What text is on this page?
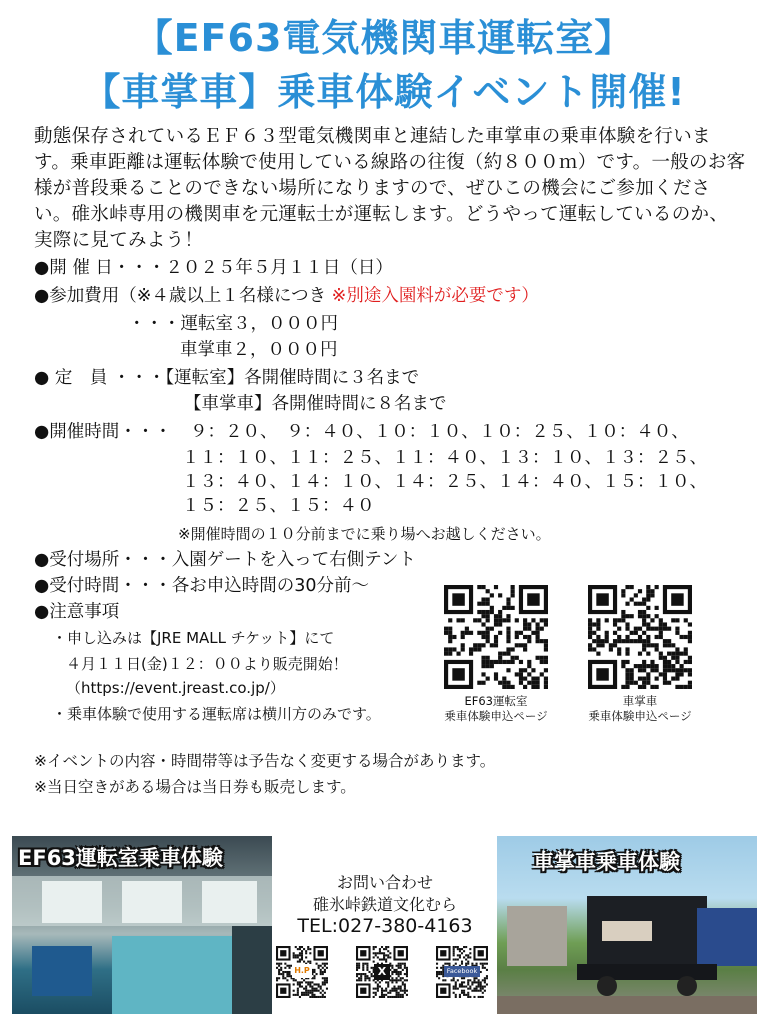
【EF63電気機関車運転室】
【車掌車】乗車体験イベント開催!
動態保存されているＥＦ６３型電気機関車と連結した車掌車の乗車体験を行います。乗車距離は運転体験で使用している線路の往復（約８００ｍ）です。一般のお客様が普段乗ることのできない場所になりますので、ぜひこの機会にご参加ください。碓氷峠専用の機関車を元運転士が運転します。どうやって運転しているのか、実際に見てみよう！
●開 催 日・・・２０２５年５月１１日（日）
●参加費用（※４歳以上１名様につき ※別途入園料が必要です）
・・・運転室３，０００円
車掌車２，０００円
● 定　員 ・・・【運転室】各開催時間に３名まで
【車掌車】各開催時間に８名まで
●開催時間・・・ ９：２０、　９：４０、１０：１０、１０：２５、１０：４０、
１１：１０、１１：２５、１１：４０、１３：１０、１３：２５、
１３：４０、１４：１０、１４：２５、１４：４０、１５：１０、
１５：２５、１５：４０
※開催時間の１０分前までに乗り場へお越しください。
●受付場所・・・入園ゲートを入って右側テント
●受付時間・・・各お申込時間の30分前～
●注意事項
・申し込みは【JRE MALL チケット】にて
４月１１日(金)１２：００より販売開始！
（https://event.jreast.co.jp/）
・乗車体験で使用する運転席は横川方のみです。
EF63運転室
乗車体験申込ページ
車掌車
乗車体験申込ページ
※イベントの内容・時間帯等は予告なく変更する場合があります。
※当日空きがある場合は当日券も販売します。
EF63運転室乗車体験	車掌車乗車体験
お問い合わせ
碓氷峠鉄道文化むら
TEL:027-380-4163
H.P	X	Facebook
